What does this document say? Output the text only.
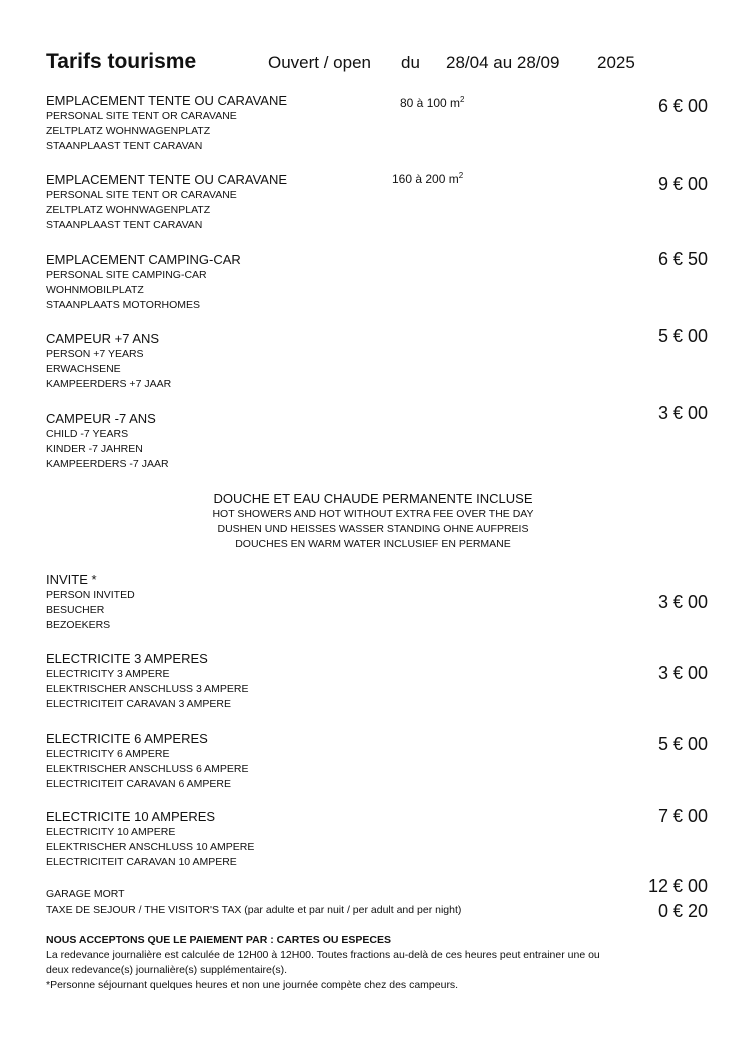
Tarifs tourisme	Ouvert / open du 28/04 au 28/09 2025
EMPLACEMENT TENTE OU CARAVANE
PERSONAL SITE TENT OR CARAVANE
ZELTPLATZ WOHNWAGENPLATZ
STAANPLAAST TENT CARAVAN
80 à 100 $m^2$	6 € 00
EMPLACEMENT TENTE OU CARAVANE
PERSONAL SITE TENT OR CARAVANE
ZELTPLATZ WOHNWAGENPLATZ
STAANPLAAST TENT CARAVAN
160 à 200 $m^2$	9 € 00
EMPLACEMENT CAMPING-CAR
PERSONAL SITE CAMPING-CAR
WOHNMOBILPLATZ
STAANPLAATS MOTORHOMES
6 € 50
CAMPEUR +7 ANS
PERSON +7 YEARS
ERWACHSENE
KAMPEERDERS +7 JAAR
5 € 00
CAMPEUR -7 ANS
CHILD -7 YEARS
KINDER -7 JAHREN
KAMPEERDERS -7 JAAR
3 € 00
DOUCHE ET EAU CHAUDE PERMANENTE INCLUSE
HOT SHOWERS AND HOT WITHOUT EXTRA FEE OVER THE DAY
DUSHEN UND HEISSES WASSER STANDING OHNE AUFPREIS
DOUCHES EN WARM WATER INCLUSIEF EN PERMANE
INVITE *
PERSON INVITED
BESUCHER
BEZOEKERS
3 € 00
ELECTRICITE 3 AMPERES
ELECTRICITY 3 AMPERE
ELEKTRISCHER ANSCHLUSS 3 AMPERE
ELECTRICITEIT CARAVAN 3 AMPERE
3 € 00
ELECTRICITE 6 AMPERES
ELECTRICITY 6 AMPERE
ELEKTRISCHER ANSCHLUSS 6 AMPERE
ELECTRICITEIT CARAVAN 6 AMPERE
5 € 00
ELECTRICITE 10 AMPERES
ELECTRICITY 10 AMPERE
ELEKTRISCHER ANSCHLUSS 10 AMPERE
ELECTRICITEIT CARAVAN 10 AMPERE
7 € 00
GARAGE MORT	12 € 00
TAXE DE SEJOUR / THE VISITOR'S TAX (par adulte et par nuit / per adult and per night)	0 € 20
NOUS ACCEPTONS QUE LE PAIEMENT PAR : CARTES OU ESPECES
La redevance journalière est calculée de 12H00 à 12H00. Toutes fractions au-delà de ces heures peut entrainer une ou
deux redevance(s) journalière(s) supplémentaire(s).
*Personne séjournant quelques heures et non une journée compète chez des campeurs.
